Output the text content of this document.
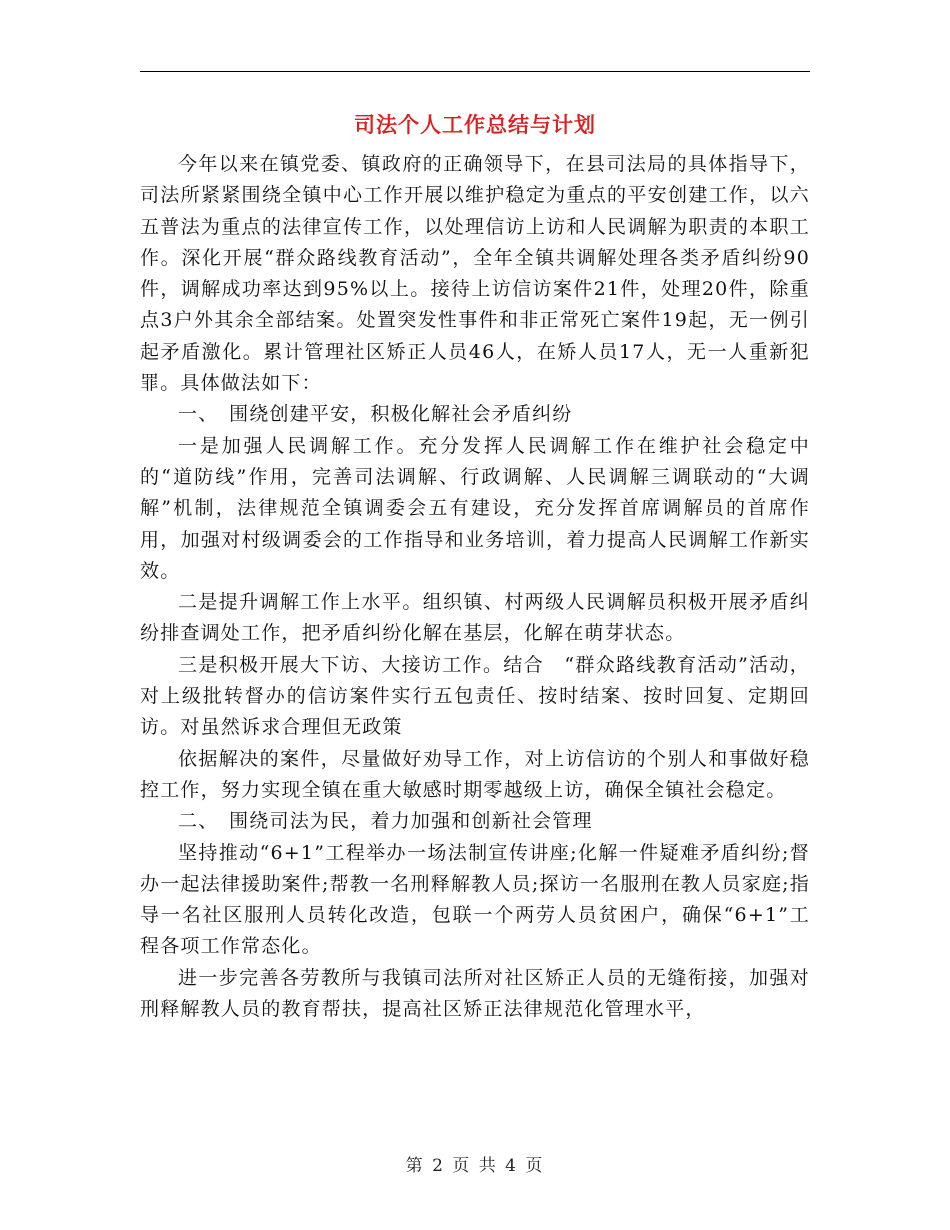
司法个人工作总结与计划

今年以来在镇党委、镇政府的正确领导下，在县司法局的具体指导下，司法所紧紧围绕全镇中心工作开展以维护稳定为重点的平安创建工作，以六五普法为重点的法律宣传工作，以处理信访上访和人民调解为职责的本职工作。深化开展“群众路线教育活动”，全年全镇共调解处理各类矛盾纠纷90件，调解成功率达到95%以上。接待上访信访案件21件，处理20件，除重点3户外其余全部结案。处置突发性事件和非正常死亡案件19起，无一例引起矛盾激化。累计管理社区矫正人员46人，在矫人员17人，无一人重新犯罪。具体做法如下：

一、　围绕创建平安，积极化解社会矛盾纠纷

一是加强人民调解工作。充分发挥人民调解工作在维护社会稳定中的“道防线”作用，完善司法调解、行政调解、人民调解三调联动的“大调解”机制，法律规范全镇调委会五有建设，充分发挥首席调解员的首席作用，加强对村级调委会的工作指导和业务培训，着力提高人民调解工作新实效。

二是提升调解工作上水平。组织镇、村两级人民调解员积极开展矛盾纠纷排查调处工作，把矛盾纠纷化解在基层，化解在萌芽状态。

三是积极开展大下访、大接访工作。结合　“群众路线教育活动”活动，对上级批转督办的信访案件实行五包责任、按时结案、按时回复、定期回访。对虽然诉求合理但无政策

依据解决的案件，尽量做好劝导工作，对上访信访的个别人和事做好稳控工作，努力实现全镇在重大敏感时期零越级上访，确保全镇社会稳定。

二、　围绕司法为民，着力加强和创新社会管理

坚持推动“6+1”工程举办一场法制宣传讲座;化解一件疑难矛盾纠纷;督办一起法律援助案件;帮教一名刑释解教人员;探访一名服刑在教人员家庭;指导一名社区服刑人员转化改造，包联一个两劳人员贫困户，确保“6+1”工程各项工作常态化。

进一步完善各劳教所与我镇司法所对社区矫正人员的无缝衔接，加强对刑释解教人员的教育帮扶，提高社区矫正法律规范化管理水平，

第 2 页 共 4 页
